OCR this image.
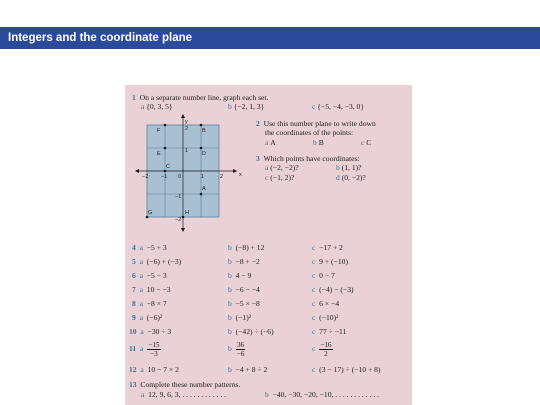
Integers and the coordinate plane
1 On a separate number line, graph each set.
a {0, 3, 5}	b {−2, 1, 3}	c {−5, −4, −3, 0}
y
x
−2 −1 0	1	2
2
1
−1
−2
F	B
E	D
C
A
G	H
2 Use this number plane to write down
the coordinates of the points:
a A	b B	c C
3 Which points have coordinates:
a (−2, −2)?	b (1, 1)?
c (−1, 2)?	d (0, −2)?
4 a −5 + 3	b (−8) + 12	c −17 + 2
5 a (−6) + (−3)	b −8 + −2	c 9 + (−10)
6 a −5 − 3	b 4 − 9	c 0 − 7
7 a 10 − −3	b −6 − −4	c (−4) − (−3)
8 a −8 × 7	b −5 × −8	c 6 × −4
9 a (−6)²	b (−1)²	c (−10)²
10 a −30 ÷ 3	b (−42) ÷ (−6)	c 77 ÷ −11
11 a $\frac{-15}{-3}$	b $\frac{36}{-6}$	c $\frac{-16}{2}$
12 a 10 − 7 × 2	b −4 + 8 ÷ 2	c (3 − 17) ÷ (−10 + 8)
13 Complete these number patterns.
a 12, 9, 6, 3, . . . . . . . . . . . .	b −40, −30, −20, −10, . . . . . . . . . . . .
